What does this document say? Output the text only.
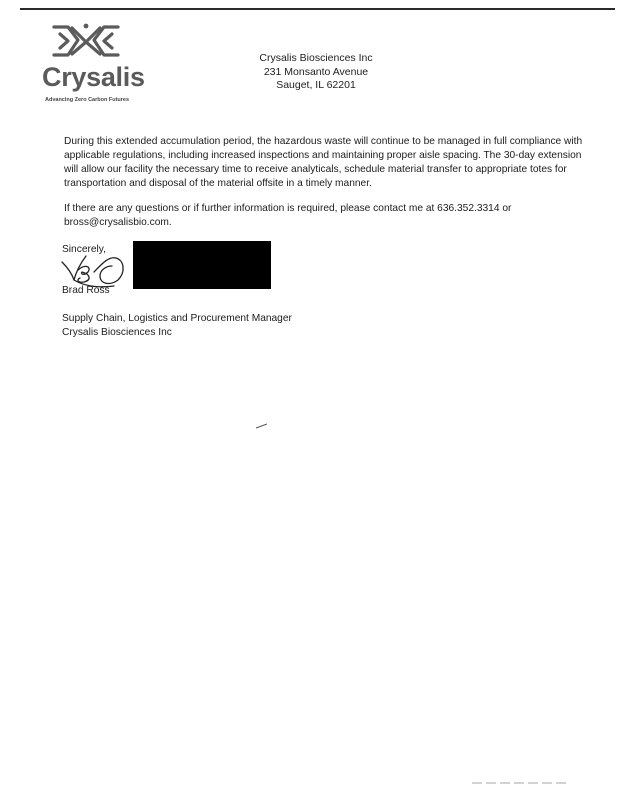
Crysalis
Advancing Zero Carbon Futures
Crysalis Biosciences Inc
231 Monsanto Avenue
Sauget, IL 62201

During this extended accumulation period, the hazardous waste will continue to be managed in full compliance with applicable regulations, including increased inspections and maintaining proper aisle spacing. The 30-day extension will allow our facility the necessary time to receive analyticals, schedule material transfer to appropriate totes for transportation and disposal of the material offsite in a timely manner.

If there are any questions or if further information is required, please contact me at 636.352.3314 or bross@crysalisbio.com.

Sincerely,
Brad Ross
Supply Chain, Logistics and Procurement Manager
Crysalis Biosciences Inc
